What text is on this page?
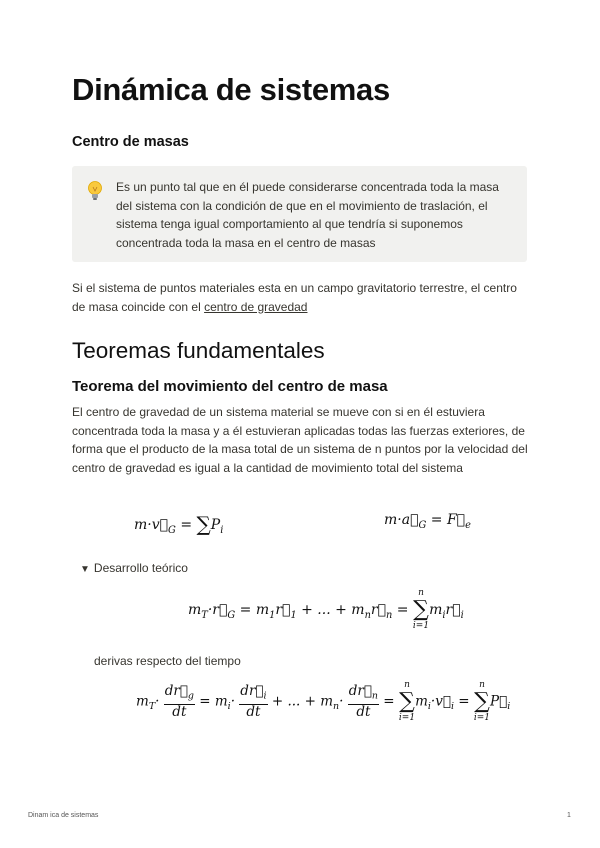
Dinámica de sistemas
Centro de masas
Es un punto tal que en él puede considerarse concentrada toda la masa del sistema con la condición de que en el movimiento de traslación, el sistema tenga igual comportamiento al que tendría si suponemos concentrada toda la masa en el centro de masas
Si el sistema de puntos materiales esta en un campo gravitatorio terrestre, el centro de masa coincide con el centro de gravedad
Teoremas fundamentales
Teorema del movimiento del centro de masa
El centro de gravedad de un sistema material se mueve con si en él estuviera concentrada toda la masa y a él estuvieran aplicadas todas las fuerzas exteriores, de forma que el producto de la masa total de un sistema de n puntos por la velocidad del centro de gravedad es igual a la cantidad de movimiento total del sistema
$m\cdot v⃗_G = \sum P_i$
$m\cdot a⃗_G$ = $F⃗_e$
▼ Desarrollo teórico
$m_T\cdot r⃗_G$ = $m_1r⃗_1$ + ... + $m_nr⃗_n$ =
n
∑
i=1
$m_ir⃗_i$
derivas respecto del tiempo
$m_T\cdot \frac{dr⃗_g}{dt} = m_i\cdot \frac{dr⃗_i}{dt}$ + ... + $m_n\cdot \frac{dr⃗_n}{dt}$ =
n
∑
i=1
$m_i\cdot v⃗_i$ =
n
∑
i=1
$P⃗_i$
Dinam ica de sistemas	1
